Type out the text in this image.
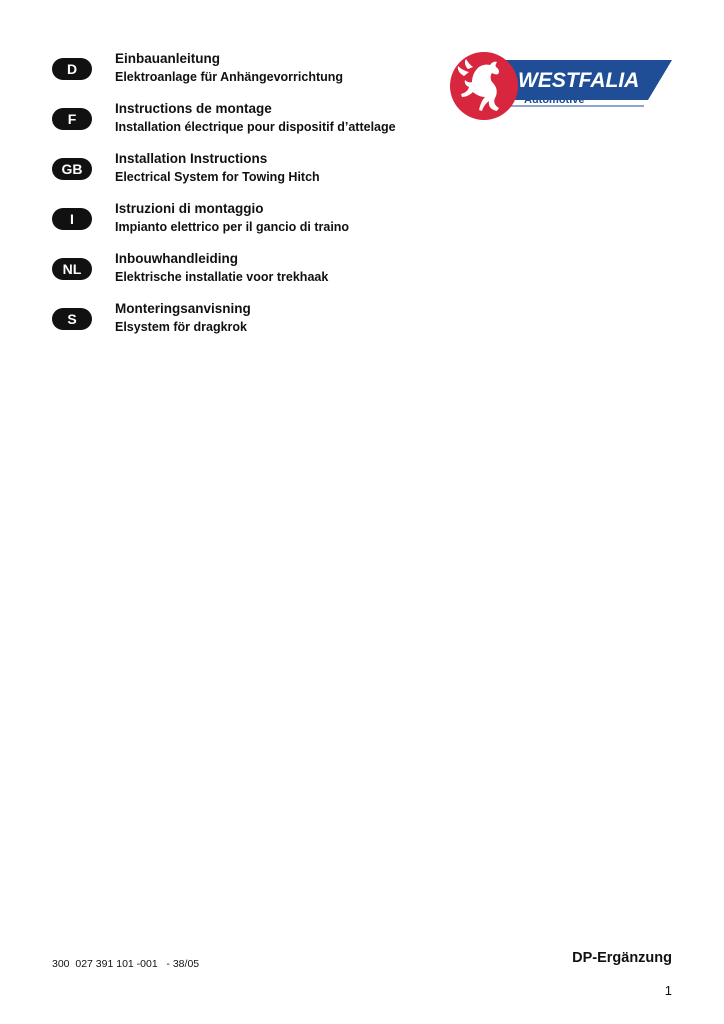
D
Einbauanleitung
Elektroanlage für Anhängevorrichtung
F
Instructions de montage
Installation électrique pour dispositif d’attelage
GB
Installation Instructions
Electrical System for Towing Hitch
I
Istruzioni di montaggio
Impianto elettrico per il gancio di traino
NL
Inbouwhandleiding
Elektrische installatie voor trekhaak
S
Monteringsanvisning
Elsystem för dragkrok
WESTFALIA
Automotive
300  027 391 101 -001   - 38/05	DP-Ergänzung
1
